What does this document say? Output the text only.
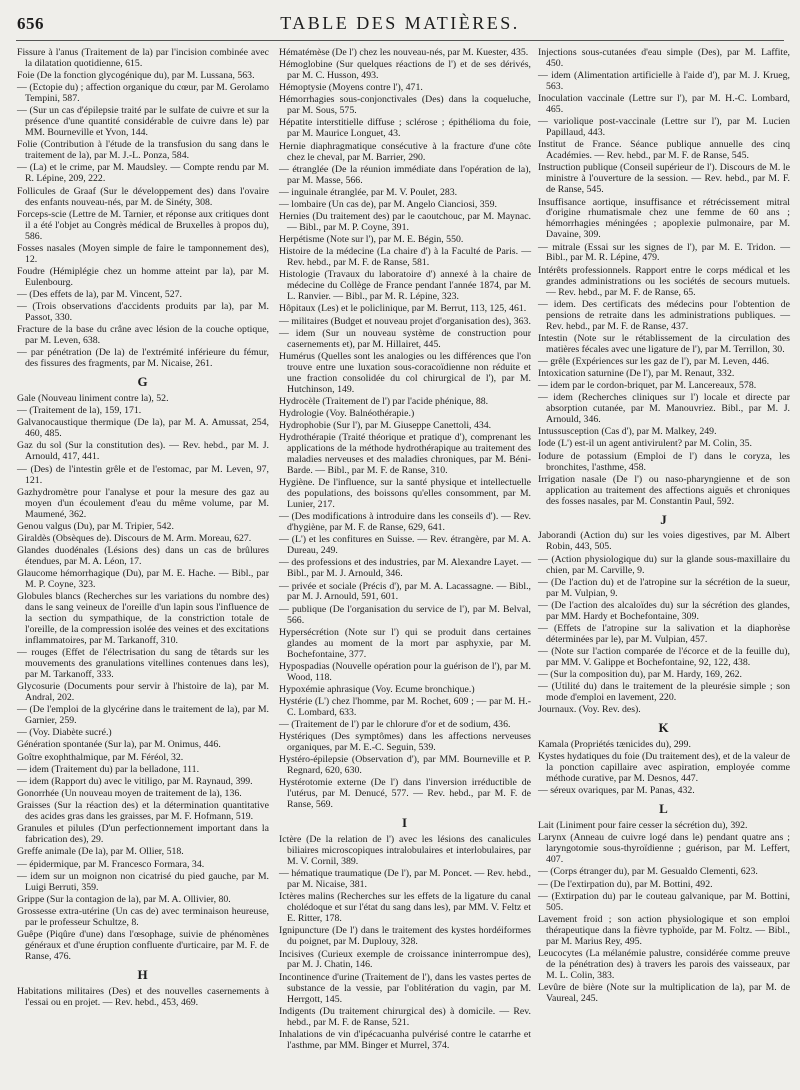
656	TABLE DES MATIÈRES.
Fissure à l'anus (Traitement de la) par l'incision combinée avec la dilatation quotidienne, 615.
Foie (De la fonction glycogénique du), par M. Lussana, 563.
— (Ectopie du) ; affection organique du cœur, par M. Gerolamo Tempini, 587.
— (Sur un cas d'épilepsie traité par le sulfate de cuivre et sur la présence d'une quantité considérable de cuivre dans le) par MM. Bourneville et Yvon, 144.
Folie (Contribution à l'étude de la transfusion du sang dans le traitement de la), par M. J.-L. Ponza, 584.
— (La) et le crime, par M. Maudsley. — Compte rendu par M. R. Lépine, 209, 222.
Follicules de Graaf (Sur le développement des) dans l'ovaire des enfants nouveau-nés, par M. de Sinéty, 308.
Forceps-scie (Lettre de M. Tarnier, et réponse aux critiques dont il a été l'objet au Congrès médical de Bruxelles à propos du), 586.
Fosses nasales (Moyen simple de faire le tamponnement des), 12.
Foudre (Hémiplégie chez un homme atteint par la), par M. Eulenbourg.
— (Des effets de la), par M. Vincent, 527.
— (Trois observations d'accidents produits par la), par M. Passot, 330.
Fracture de la base du crâne avec lésion de la couche optique, par M. Leven, 638.
— par pénétration (De la) de l'extrémité inférieure du fémur, des fissures des fragments, par M. Nicaise, 261.
G
Gale (Nouveau liniment contre la), 52.
— (Traitement de la), 159, 171.
Galvanocaustique thermique (De la), par M. A. Amussat, 254, 460, 485.
Gaz du sol (Sur la constitution des). — Rev. hebd., par M. J. Arnould, 417, 441.
— (Des) de l'intestin grêle et de l'estomac, par M. Leven, 97, 121.
Gazhydromètre pour l'analyse et pour la mesure des gaz au moyen d'un écoulement d'eau du même volume, par M. Maumené, 362.
Genou valgus (Du), par M. Tripier, 542.
Giraldès (Obsèques de). Discours de M. Arm. Moreau, 627.
Glandes duodénales (Lésions des) dans un cas de brûlures étendues, par M. A. Léon, 17.
Glaucome hémorrhagique (Du), par M. E. Hache. — Bibl., par M. P. Coyne, 323.
Globules blancs (Recherches sur les variations du nombre des) dans le sang veineux de l'oreille d'un lapin sous l'influence de la section du sympathique, de la constriction totale de l'oreille, de la compression isolée des veines et des excitations inflammatoires, par M. Tarkanoff, 310.
— rouges (Effet de l'électrisation du sang de têtards sur les mouvements des granulations vitellines contenues dans les), par M. Tarkanoff, 333.
Glycosurie (Documents pour servir à l'histoire de la), par M. Andral, 202.
— (De l'emploi de la glycérine dans le traitement de la), par M. Garnier, 259.
— (Voy. Diabète sucré.)
Génération spontanée (Sur la), par M. Onimus, 446.
Goître exophthalmique, par M. Féréol, 32.
— idem (Traitement du) par la belladone, 111.
— idem (Rapport du) avec le vitiligo, par M. Raynaud, 399.
Gonorrhée (Un nouveau moyen de traitement de la), 136.
Graisses (Sur la réaction des) et la détermination quantitative des acides gras dans les graisses, par M. F. Hofmann, 519.
Granules et pilules (D'un perfectionnement important dans la fabrication des), 29.
Greffe animale (De la), par M. Ollier, 518.
— épidermique, par M. Francesco Formara, 34.
— idem sur un moignon non cicatrisé du pied gauche, par M. Luigi Berruti, 359.
Grippe (Sur la contagion de la), par M. A. Ollivier, 80.
Grossesse extra-utérine (Un cas de) avec terminaison heureuse, par le professeur Schultze, 8.
Guêpe (Piqûre d'une) dans l'œsophage, suivie de phénomènes généraux et d'une éruption confluente d'urticaire, par M. F. de Ranse, 476.
H
Habitations militaires (Des) et des nouvelles casernements à l'essai ou en projet. — Rev. hebd., 453, 469.
Hématémèse (De l') chez les nouveau-nés, par M. Kuester, 435.
Hémoglobine (Sur quelques réactions de l') et de ses dérivés, par M. C. Husson, 493.
Hémoptysie (Moyens contre l'), 471.
Hémorrhagies sous-conjonctivales (Des) dans la coqueluche, par M. Sous, 575.
Hépatite interstitielle diffuse ; sclérose ; épithélioma du foie, par M. Maurice Longuet, 43.
Hernie diaphragmatique consécutive à la fracture d'une côte chez le cheval, par M. Barrier, 290.
— étranglée (De la réunion immédiate dans l'opération de la), par M. Masse, 566.
— inguinale étranglée, par M. V. Poulet, 283.
— lombaire (Un cas de), par M. Angelo Cianciosi, 359.
Hernies (Du traitement des) par le caoutchouc, par M. Maynac. — Bibl., par M. P. Coyne, 391.
Herpétisme (Note sur l'), par M. E. Bégin, 550.
Histoire de la médecine (La chaire d') à la Faculté de Paris. — Rev. hebd., par M. F. de Ranse, 581.
Histologie (Travaux du laboratoire d') annexé à la chaire de médecine du Collège de France pendant l'année 1874, par M. L. Ranvier. — Bibl., par M. R. Lépine, 323.
Hôpitaux (Les) et le policlinique, par M. Berrut, 113, 125, 461.
— militaires (Budget et nouveau projet d'organisation des), 363.
— idem (Sur un nouveau système de construction pour casernements et), par M. Hillairet, 445.
Humérus (Quelles sont les analogies ou les différences que l'on trouve entre une luxation sous-coracoïdienne non réduite et une fraction consolidée du col chirurgical de l'), par M. Hutchinson, 149.
Hydrocèle (Traitement de l') par l'acide phénique, 88.
Hydrologie (Voy. Balnéothérapie.)
Hydrophobie (Sur l'), par M. Giuseppe Canettoli, 434.
Hydrothérapie (Traité théorique et pratique d'), comprenant les applications de la méthode hydrothérapique au traitement des maladies nerveuses et des maladies chroniques, par M. Béni-Barde. — Bibl., par M. F. de Ranse, 310.
Hygiène. De l'influence, sur la santé physique et intellectuelle des populations, des boissons qu'elles consomment, par M. Lunier, 217.
— (Des modifications à introduire dans les conseils d'). — Rev. d'hygiène, par M. F. de Ranse, 629, 641.
— (L') et les confitures en Suisse. — Rev. étrangère, par M. A. Dureau, 249.
— des professions et des industries, par M. Alexandre Layet. — Bibl., par M. J. Arnould, 346.
— privée et sociale (Précis d'), par M. A. Lacassagne. — Bibl., par M. J. Arnould, 591, 601.
— publique (De l'organisation du service de l'), par M. Belval, 566.
Hypersécrétion (Note sur l') qui se produit dans certaines glandes au moment de la mort par asphyxie, par M. Bochefontaine, 377.
Hypospadias (Nouvelle opération pour la guérison de l'), par M. Wood, 118.
Hypoxémie aphrasique (Voy. Ecume bronchique.)
Hystérie (L') chez l'homme, par M. Rochet, 609 ; — par M. H.-C. Lombard, 633.
— (Traitement de l') par le chlorure d'or et de sodium, 436.
Hystériques (Des symptômes) dans les affections nerveuses organiques, par M. E.-C. Seguin, 539.
Hystéro-épilepsie (Observation d'), par MM. Bourneville et P. Regnard, 620, 630.
Hystérotomie externe (De l') dans l'inversion irréductible de l'utérus, par M. Denucé, 577. — Rev. hebd., par M. F. de Ranse, 569.
I
Ictère (De la relation de l') avec les lésions des canalicules biliaires microscopiques intralobulaires et interlobulaires, par M. V. Cornil, 389.
— hématique traumatique (De l'), par M. Poncet. — Rev. hebd., par M. Nicaise, 381.
Ictères malins (Recherches sur les effets de la ligature du canal cholédoque et sur l'état du sang dans les), par MM. V. Feltz et E. Ritter, 178.
Ignipuncture (De l') dans le traitement des kystes hordéiformes du poignet, par M. Duplouy, 328.
Incisives (Curieux exemple de croissance ininterrompue des), par M. J. Chatin, 146.
Incontinence d'urine (Traitement de l'), dans les vastes pertes de substance de la vessie, par l'oblitération du vagin, par M. Herrgott, 145.
Indigents (Du traitement chirurgical des) à domicile. — Rev. hebd., par M. F. de Ranse, 521.
Inhalations de vin d'ipécacuanha pulvérisé contre le catarrhe et l'asthme, par MM. Binger et Murrel, 374.
Injections sous-cutanées d'eau simple (Des), par M. Laffite, 450.
— idem (Alimentation artificielle à l'aide d'), par M. J. Krueg, 563.
Inoculation vaccinale (Lettre sur l'), par M. H.-C. Lombard, 465.
— variolique post-vaccinale (Lettre sur l'), par M. Lucien Papillaud, 443.
Institut de France. Séance publique annuelle des cinq Académies. — Rev. hebd., par M. F. de Ranse, 545.
Instruction publique (Conseil supérieur de l'). Discours de M. le ministre à l'ouverture de la session. — Rev. hebd., par M. F. de Ranse, 545.
Insuffisance aortique, insuffisance et rétrécissement mitral d'origine rhumatismale chez une femme de 60 ans ; hémorrhagies méningées ; apoplexie pulmonaire, par M. Davaine, 309.
— mitrale (Essai sur les signes de l'), par M. E. Tridon. — Bibl., par M. R. Lépine, 479.
Intérêts professionnels. Rapport entre le corps médical et les grandes administrations ou les sociétés de secours mutuels. — Rev. hebd., par M. F. de Ranse, 65.
— idem. Des certificats des médecins pour l'obtention de pensions de retraite dans les administrations publiques. — Rev. hebd., par M. F. de Ranse, 437.
Intestin (Note sur le rétablissement de la circulation des matières fécales avec une ligature de l'), par M. Terrillon, 30.
— grêle (Expériences sur les gaz de l'), par M. Leven, 446.
Intoxication saturnine (De l'), par M. Renaut, 332.
— idem par le cordon-briquet, par M. Lancereaux, 578.
— idem (Recherches cliniques sur l') locale et directe par absorption cutanée, par M. Manouvriez. Bibl., par M. J. Arnould, 346.
Intussusception (Cas d'), par M. Malkey, 249.
Iode (L') est-il un agent antivirulent? par M. Colin, 35.
Iodure de potassium (Emploi de l') dans le coryza, les bronchites, l'asthme, 458.
Irrigation nasale (De l') ou naso-pharyngienne et de son application au traitement des affections aiguës et chroniques des fosses nasales, par M. Constantin Paul, 592.
J
Jaborandi (Action du) sur les voies digestives, par M. Albert Robin, 443, 505.
— (Action physiologique du) sur la glande sous-maxillaire du chien, par M. Carville, 9.
— (De l'action du) et de l'atropine sur la sécrétion de la sueur, par M. Vulpian, 9.
— (De l'action des alcaloïdes du) sur la sécrétion des glandes, par MM. Hardy et Bochefontaine, 309.
— (Effets de l'atropine sur la salivation et la diaphorèse déterminées par le), par M. Vulpian, 457.
— (Note sur l'action comparée de l'écorce et de la feuille du), par MM. V. Galippe et Bochefontaine, 92, 122, 438.
— (Sur la composition du), par M. Hardy, 169, 262.
— (Utilité du) dans le traitement de la pleurésie simple ; son mode d'emploi en lavement, 220.
Journaux. (Voy. Rev. des).
K
Kamala (Propriétés tænicides du), 299.
Kystes hydatiques du foie (Du traitement des), et de la valeur de la ponction capillaire avec aspiration, employée comme méthode curative, par M. Desnos, 447.
— séreux ovariques, par M. Panas, 432.
L
Lait (Liniment pour faire cesser la sécrétion du), 392.
Larynx (Anneau de cuivre logé dans le) pendant quatre ans ; laryngotomie sous-thyroïdienne ; guérison, par M. Leffert, 407.
— (Corps étranger du), par M. Gesualdo Clementi, 623.
— (De l'extirpation du), par M. Bottini, 492.
— (Extirpation du) par le couteau galvanique, par M. Bottini, 505.
Lavement froid ; son action physiologique et son emploi thérapeutique dans la fièvre typhoïde, par M. Foltz. — Bibl., par M. Marius Rey, 495.
Leucocytes (La mélanémie palustre, considérée comme preuve de la pénétration des) à travers les parois des vaisseaux, par M. L. Colin, 383.
Levûre de bière (Note sur la multiplication de la), par M. de Vaureal, 245.
